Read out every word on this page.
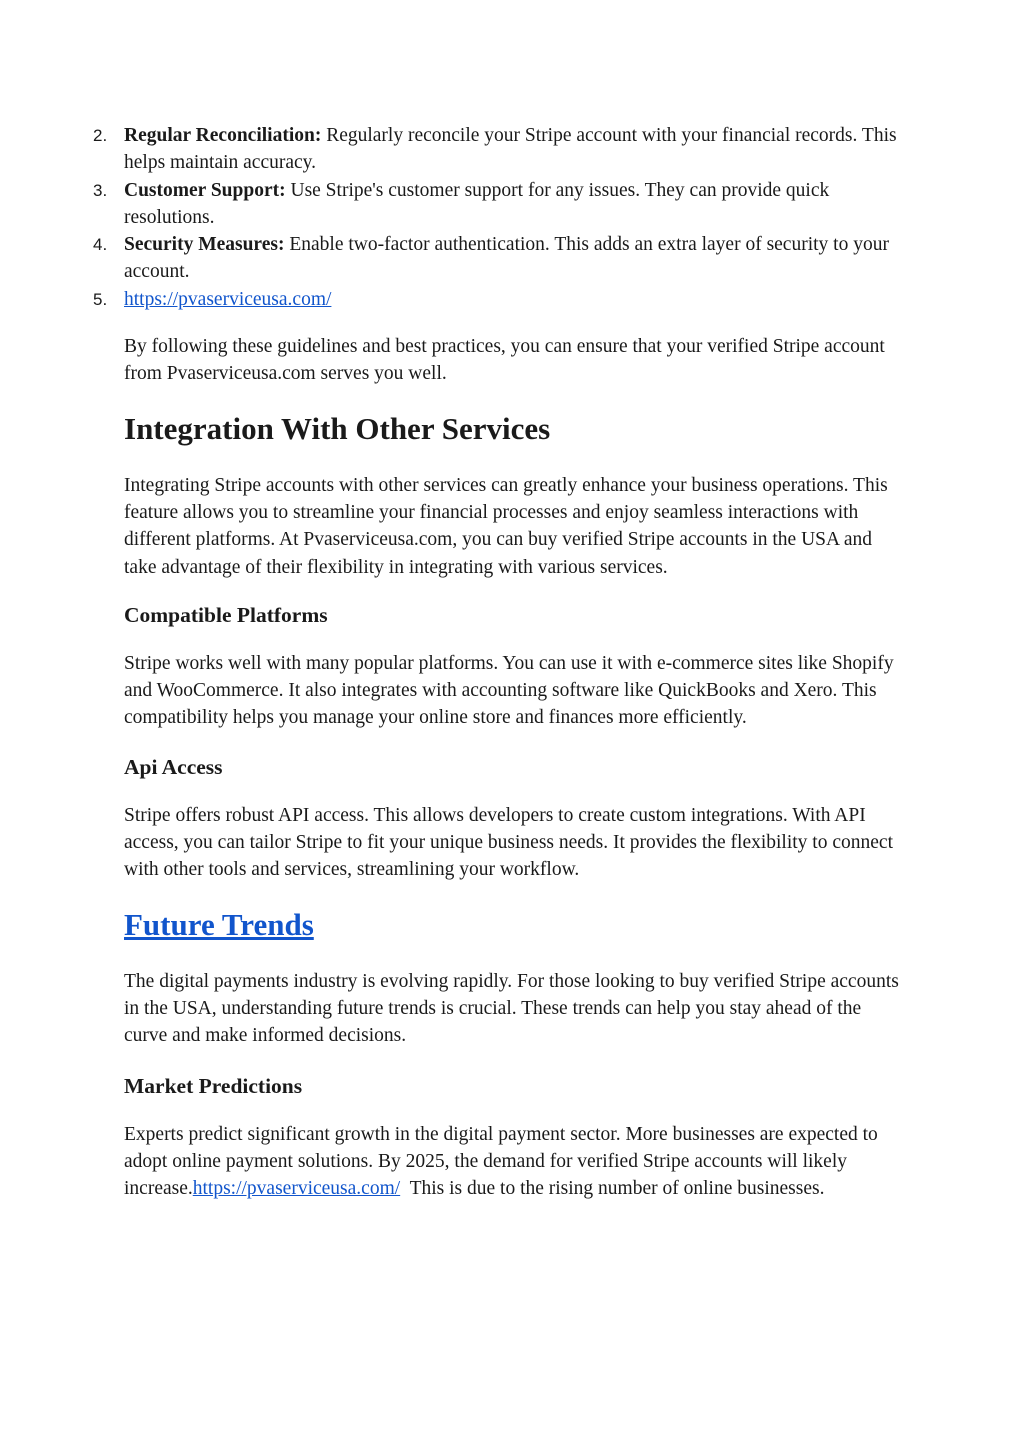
2. Regular Reconciliation: Regularly reconcile your Stripe account with your financial records. This helps maintain accuracy.
3. Customer Support: Use Stripe's customer support for any issues. They can provide quick resolutions.
4. Security Measures: Enable two-factor authentication. This adds an extra layer of security to your account.
5. https://pvaserviceusa.com/

By following these guidelines and best practices, you can ensure that your verified Stripe account from Pvaserviceusa.com serves you well.

Integration With Other Services

Integrating Stripe accounts with other services can greatly enhance your business operations. This feature allows you to streamline your financial processes and enjoy seamless interactions with different platforms. At Pvaserviceusa.com, you can buy verified Stripe accounts in the USA and take advantage of their flexibility in integrating with various services.

Compatible Platforms

Stripe works well with many popular platforms. You can use it with e-commerce sites like Shopify and WooCommerce. It also integrates with accounting software like QuickBooks and Xero. This compatibility helps you manage your online store and finances more efficiently.

Api Access

Stripe offers robust API access. This allows developers to create custom integrations. With API access, you can tailor Stripe to fit your unique business needs. It provides the flexibility to connect with other tools and services, streamlining your workflow.

Future Trends

The digital payments industry is evolving rapidly. For those looking to buy verified Stripe accounts in the USA, understanding future trends is crucial. These trends can help you stay ahead of the curve and make informed decisions.

Market Predictions

Experts predict significant growth in the digital payment sector. More businesses are expected to adopt online payment solutions. By 2025, the demand for verified Stripe accounts will likely increase.https://pvaserviceusa.com/  This is due to the rising number of online businesses.
